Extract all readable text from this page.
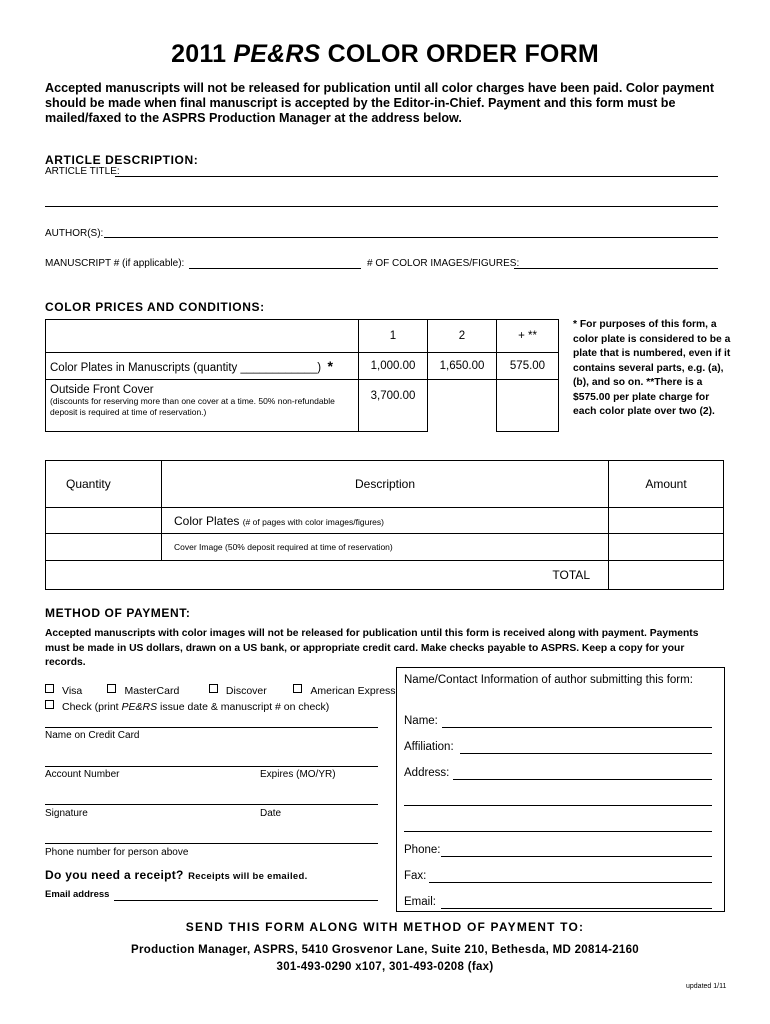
2011 PE&RS COLOR ORDER FORM
Accepted manuscripts will not be released for publication until all color charges have been paid. Color payment should be made when final manuscript is accepted by the Editor-in-Chief. Payment and this form must be mailed/faxed to the ASPRS Production Manager at the address below.
ARTICLE DESCRIPTION:
ARTICLE TITLE:
AUTHOR(S):
MANUSCRIPT # (if applicable):	# OF COLOR IMAGES/FIGURES:
COLOR PRICES AND CONDITIONS:
	1	2	+ **
Color Plates in Manuscripts (quantity ____________) *	1,000.00	1,650.00	575.00

Outside Front Cover
(discounts for reserving more than one cover at a time. 50% non-refundable deposit is required at time of reservation.)	3,700.00		
* For purposes of this form, a color plate is considered to be a plate that is numbered, even if it contains several parts, e.g. (a), (b), and so on. **There is a $575.00 per plate charge for each color plate over two (2).
Quantity	Description	Amount
	Color Plates (# of pages with color images/figures)	
	Cover Image (50% deposit required at time of reservation)	
TOTAL		
METHOD OF PAYMENT:
Accepted manuscripts with color images will not be released for publication until this form is received along with payment. Payments must be made in US dollars, drawn on a US bank, or appropriate credit card. Make checks payable to ASPRS. Keep a copy for your records.
Visa	MasterCard	Discover	American Express
Check (print PE&RS issue date & manuscript # on check)
Name on Credit Card
Account Number	Expires (MO/YR)
Signature	Date
Phone number for person above
Do you need a receipt? Receipts will be emailed.
Email address
Name/Contact Information of author submitting this form:
Name:
Affiliation:
Address:
Phone:
Fax:
Email:
SEND THIS FORM ALONG WITH METHOD OF PAYMENT TO:
Production Manager, ASPRS, 5410 Grosvenor Lane, Suite 210, Bethesda, MD 20814-2160
301-493-0290 x107, 301-493-0208 (fax)
updated 1/11
